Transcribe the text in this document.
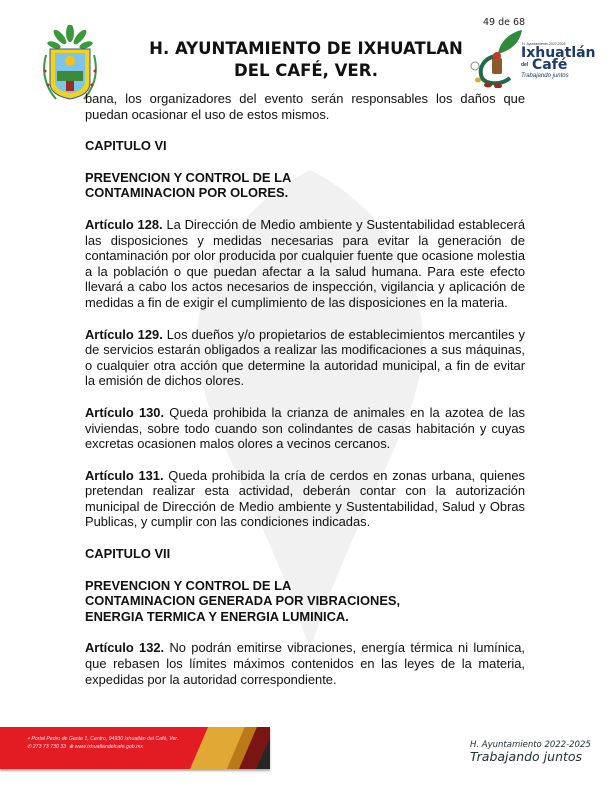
49 de 68
H. AYUNTAMIENTO DE IXHUATLAN
DEL CAFÉ, VER.
H. Ayuntamiento 2022-2025
Ixhuatlán
del Café
Trabajando juntos

bana, los organizadores del evento serán responsables los daños que puedan ocasionar el uso de estos mismos.

CAPITULO VI

PREVENCION Y CONTROL DE LA

CONTAMINACION POR OLORES.

Artículo 128. La Dirección de Medio ambiente y Sustentabilidad establecerá las disposiciones y medidas necesarias para evitar la generación de contaminación por olor producida por cualquier fuente que ocasione molestia a la población o que puedan afectar a la salud humana. Para este efecto llevará a cabo los actos necesarios de inspección, vigilancia y aplicación de medidas a fin de exigir el cumplimiento de las disposiciones en la materia.

Artículo 129. Los dueños y/o propietarios de establecimientos mercantiles y de servicios estarán obligados a realizar las modificaciones a sus máquinas, o cualquier otra acción que determine la autoridad municipal, a fin de evitar la emisión de dichos olores.

Artículo 130. Queda prohibida la crianza de animales en la azotea de las viviendas, sobre todo cuando son colindantes de casas habitación y cuyas excretas ocasionen malos olores a vecinos cercanos.

Artículo 131. Queda prohibida la cría de cerdos en zonas urbana, quienes pretendan realizar esta actividad, deberán contar con la autorización municipal de Dirección de Medio ambiente y Sustentabilidad, Salud y Obras Publicas, y cumplir con las condiciones indicadas.

CAPITULO VII

PREVENCION Y CONTROL DE LA

CONTAMINACION GENERADA POR VIBRACIONES,

ENERGIA TERMICA Y ENERGIA LUMINICA.

Artículo 132. No podrán emitirse vibraciones, energía térmica ni lumínica, que rebasen los límites máximos contenidos en las leyes de la materia, expedidas por la autoridad correspondiente.

⌖ Portal Pedro de Gante 1, Centro, 94930 Ixhuatlán del Café, Ver.
✆ 273 73 730 33 ⊕ www.ixhuatlandelcafe.gob.mx	H. Ayuntamiento 2022-2025
Trabajando juntos
